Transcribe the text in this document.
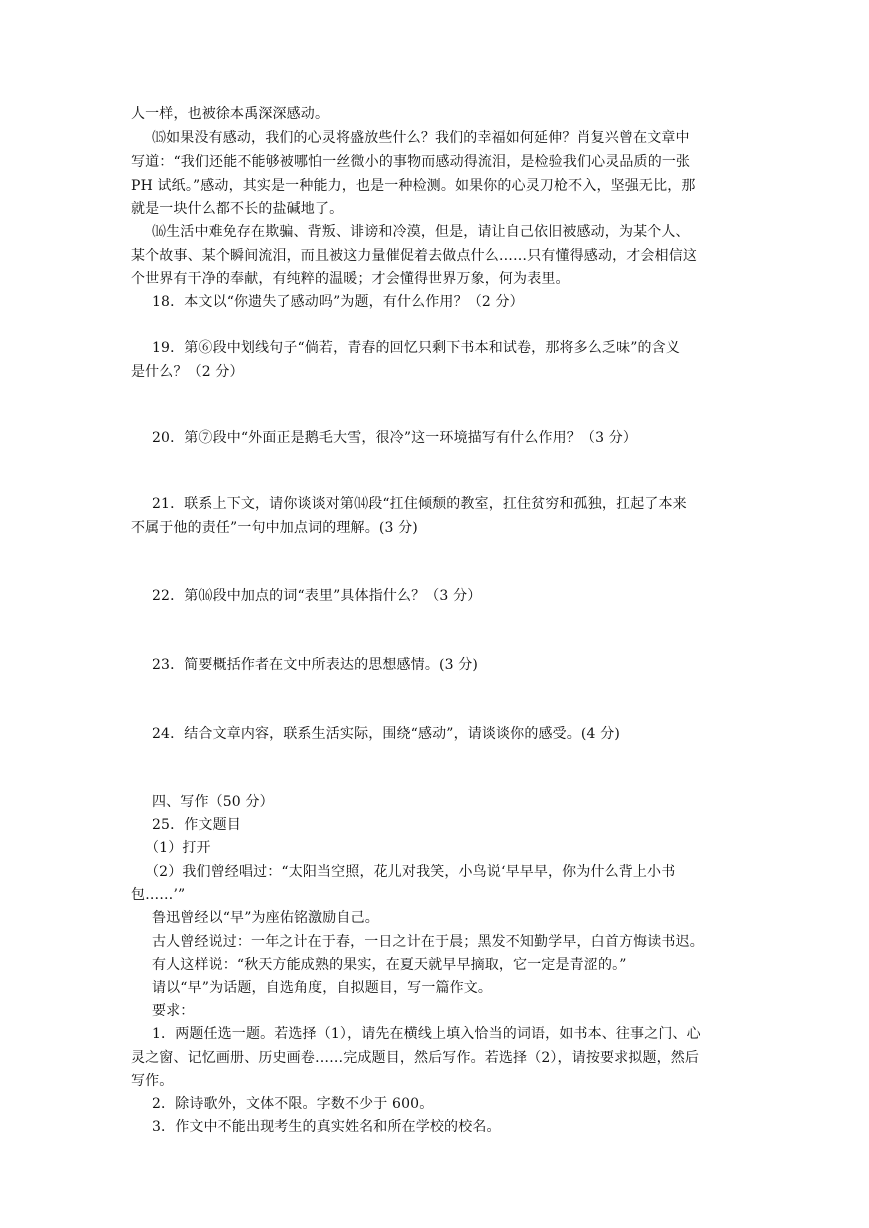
人一样，也被徐本禹深深感动。
⒂如果没有感动，我们的心灵将盛放些什么？我们的幸福如何延伸？肖复兴曾在文章中
写道：“我们还能不能够被哪怕一丝微小的事物而感动得流泪，是检验我们心灵品质的一张
PH 试纸。”感动，其实是一种能力，也是一种检测。如果你的心灵刀枪不入，坚强无比，那
就是一块什么都不长的盐碱地了。
⒃生活中难免存在欺骗、背叛、诽谤和冷漠，但是，请让自己依旧被感动，为某个人、
某个故事、某个瞬间流泪，而且被这力量催促着去做点什么……只有懂得感动，才会相信这
个世界有干净的奉献，有纯粹的温暖；才会懂得世界万象，何为表里。
18．本文以“你遗失了感动吗”为题，有什么作用？（2 分）
19．第⑥段中划线句子“倘若，青春的回忆只剩下书本和试卷，那将多么乏味”的含义
是什么？（2 分）
20．第⑦段中“外面正是鹅毛大雪，很冷”这一环境描写有什么作用？（3 分）
21．联系上下文，请你谈谈对第⒁段“扛住倾颓的教室，扛住贫穷和孤独，扛起了本来
不属于他的责任”一句中加点词的理解。(3 分)
22．第⒃段中加点的词“表里”具体指什么？（3 分）
23．简要概括作者在文中所表达的思想感情。(3 分)
24．结合文章内容，联系生活实际，围绕“感动”，请谈谈你的感受。(4 分)
四、写作（50 分）
25．作文题目
（1）打开
（2）我们曾经唱过：“太阳当空照，花儿对我笑，小鸟说‘早早早，你为什么背上小书
包……’”
鲁迅曾经以“早”为座佑铭激励自己。
古人曾经说过：一年之计在于春，一日之计在于晨；黑发不知勤学早，白首方悔读书迟。
有人这样说：“秋天方能成熟的果实，在夏天就早早摘取，它一定是青涩的。”
请以“早”为话题，自选角度，自拟题目，写一篇作文。
要求：
1．两题任选一题。若选择（1），请先在横线上填入恰当的词语，如书本、往事之门、心
灵之窗、记忆画册、历史画卷……完成题目，然后写作。若选择（2），请按要求拟题，然后
写作。
2．除诗歌外，文体不限。字数不少于 600。
3．作文中不能出现考生的真实姓名和所在学校的校名。
